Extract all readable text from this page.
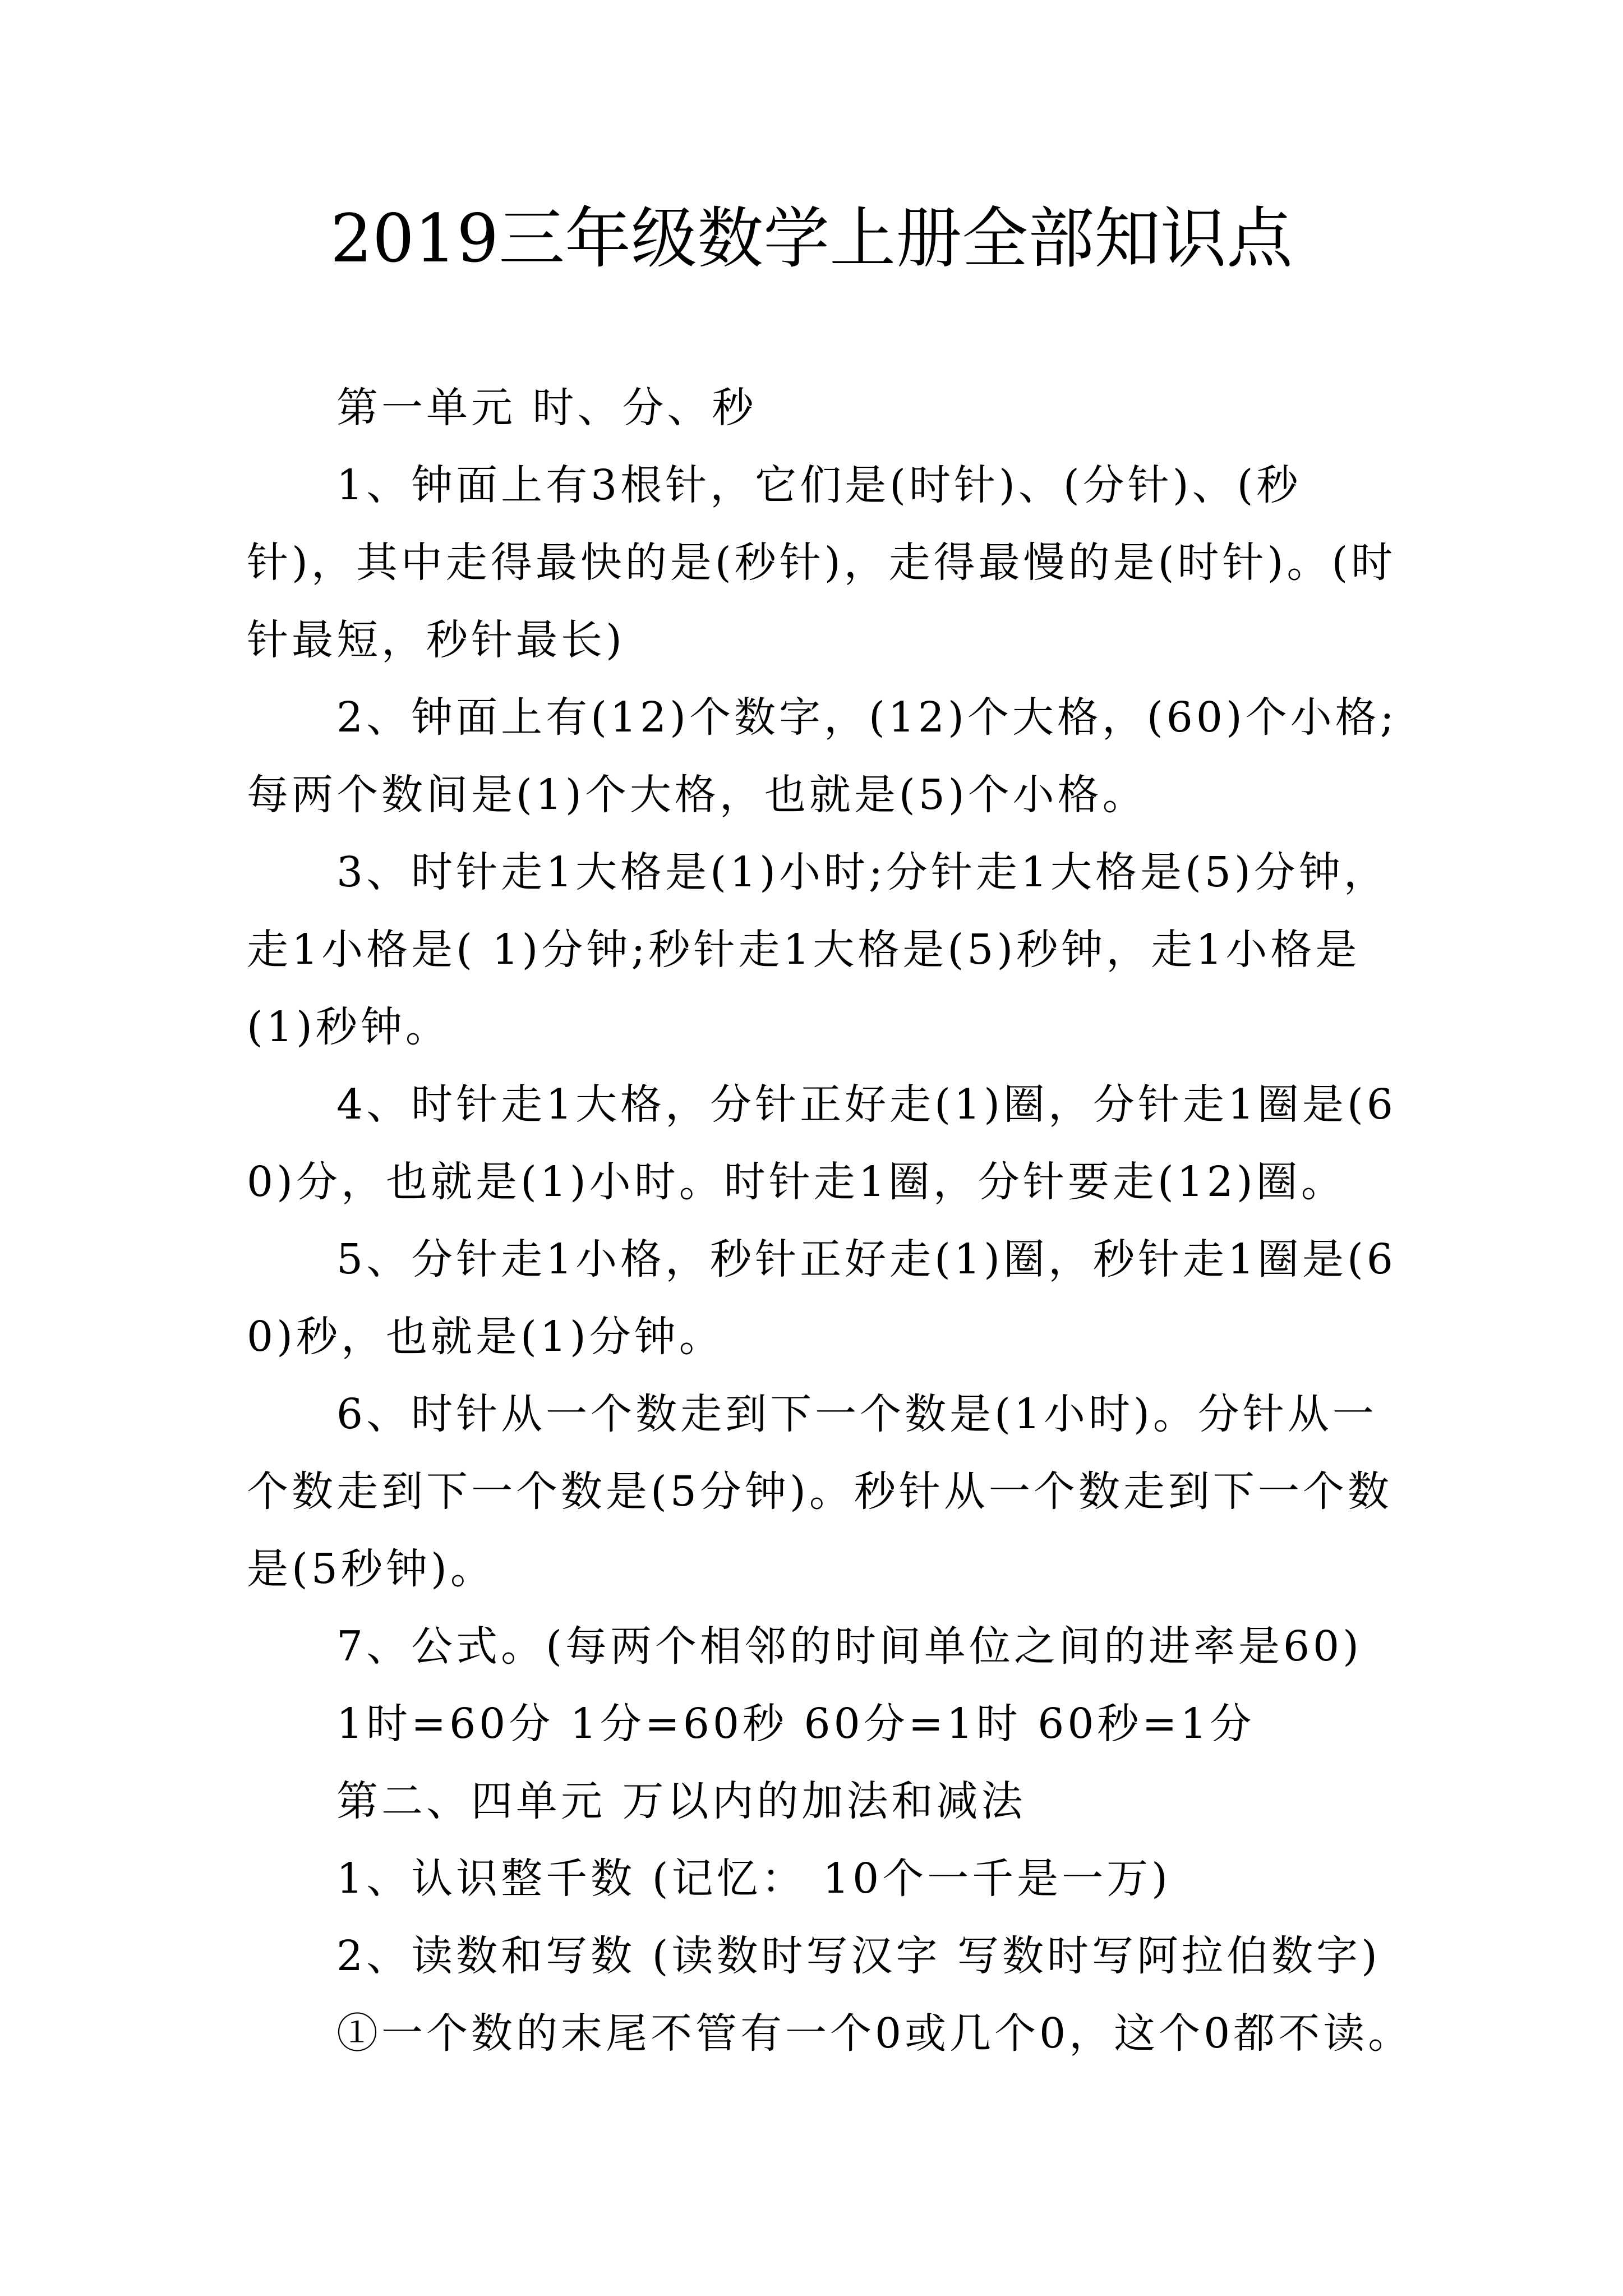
2019三年级数学上册全部知识点

第一单元 时、分、秒

1、钟面上有3根针，它们是(时针)、(分针)、(秒针)，其中走得最快的是(秒针)，走得最慢的是(时针)。(时针最短，秒针最长)

2、钟面上有(12)个数字，(12)个大格，(60)个小格;每两个数间是(1)个大格，也就是(5)个小格。

3、时针走1大格是(1)小时;分针走1大格是(5)分钟，走1小格是( 1)分钟;秒针走1大格是(5)秒钟，走1小格是(1)秒钟。

4、时针走1大格，分针正好走(1)圈，分针走1圈是(60)分，也就是(1)小时。时针走1圈，分针要走(12)圈。

5、分针走1小格，秒针正好走(1)圈，秒针走1圈是(60)秒，也就是(1)分钟。

6、时针从一个数走到下一个数是(1小时)。分针从一个数走到下一个数是(5分钟)。秒针从一个数走到下一个数是(5秒钟)。

7、公式。(每两个相邻的时间单位之间的进率是60)

1时=60分 1分=60秒 60分=1时 60秒=1分

第二、四单元 万以内的加法和减法

1、认识整千数 (记忆： 10个一千是一万)

2、读数和写数 (读数时写汉字 写数时写阿拉伯数字)

①一个数的末尾不管有一个0或几个0，这个0都不读。
